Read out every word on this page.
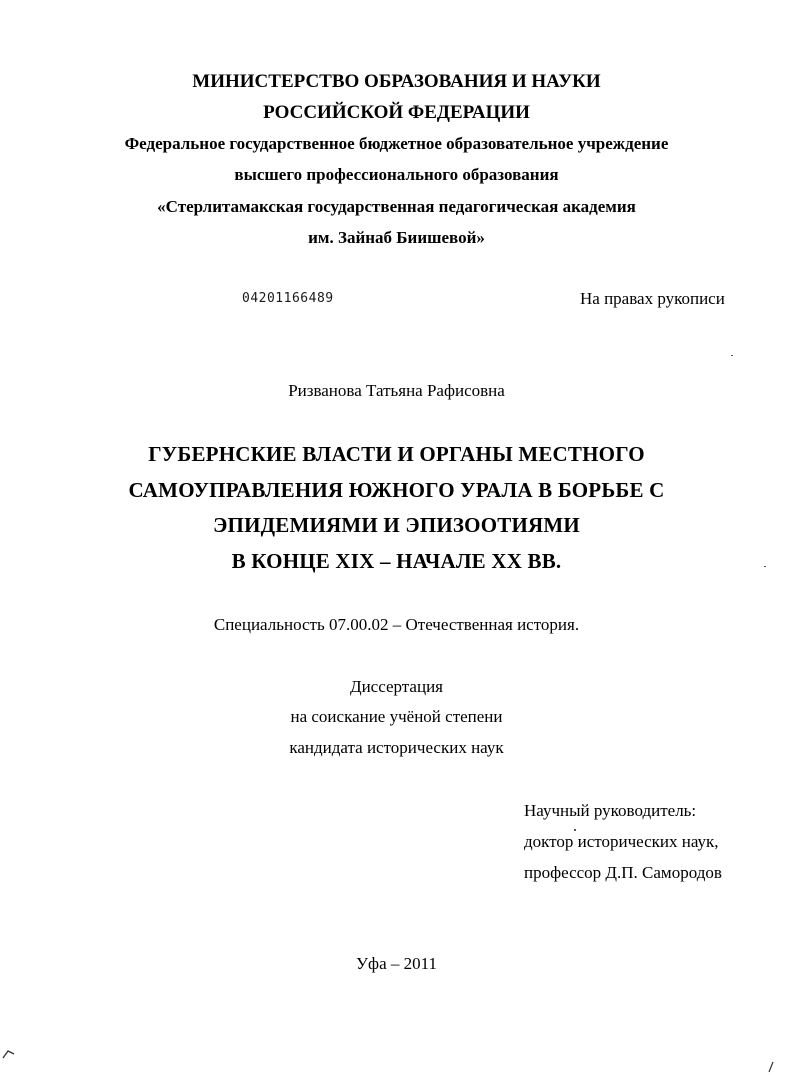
МИНИСТЕРСТВО ОБРАЗОВАНИЯ И НАУКИ
РОССИЙСКОЙ ФЕДЕРАЦИИ
Федеральное государственное бюджетное образовательное учреждение
высшего профессионального образования
«Стерлитамакская государственная педагогическая академия
им. Зайнаб Биишевой»
04201166489	На правах рукописи
Ризванова Татьяна Рафисовна
ГУБЕРНСКИЕ ВЛАСТИ И ОРГАНЫ МЕСТНОГО
САМОУПРАВЛЕНИЯ ЮЖНОГО УРАЛА В БОРЬБЕ С
ЭПИДЕМИЯМИ И ЭПИЗООТИЯМИ
В КОНЦЕ XIX – НАЧАЛЕ XX ВВ.
Специальность 07.00.02 – Отечественная история.
Диссертация
на соискание учёной степени
кандидата исторических наук
Научный руководитель:
доктор исторических наук,
профессор Д.П. Самородов
Уфа – 2011
